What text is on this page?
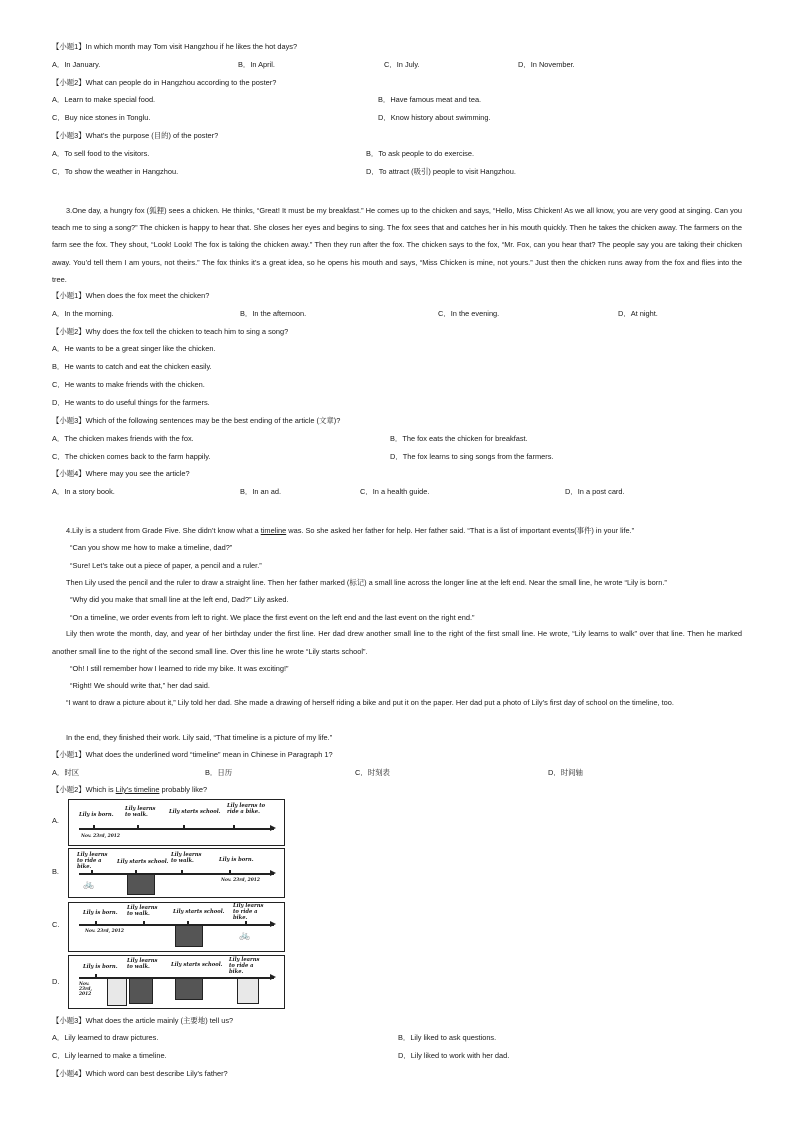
【小题1】In which month may Tom visit Hangzhou if he likes the hot days?
A．In January.	B．In April.	C．In July.	D．In November.
【小题2】What can people do in Hangzhou according to the poster?
A．Learn to make special food.	B．Have famous meat and tea.
C．Buy nice stones in Tonglu.	D．Know history about swimming.
【小题3】What’s the purpose (目的) of the poster?
A．To sell food to the visitors.	B．To ask people to do exercise.
C．To show the weather in Hangzhou.	D．To attract (吸引) people to visit Hangzhou.
3.One day, a hungry fox (狐狸) sees a chicken. He thinks, “Great! It must be my breakfast.” He comes up to the chicken and says, “Hello, Miss Chicken! As we all know, you are very good at singing. Can you teach me to sing a song?” The chicken is happy to hear that. She closes her eyes and begins to sing. The fox sees that and catches her in his mouth quickly. Then he takes the chicken away. The farmers on the farm see the fox. They shout, “Look! Look! The fox is taking the chicken away.” Then they run after the fox. The chicken says to the fox, “Mr. Fox, can you hear that? The people say you are taking their chicken away. You’d tell them I am yours, not theirs.” The fox thinks it’s a great idea, so he opens his mouth and says, “Miss Chicken is mine, not yours.” Just then the chicken runs away from the fox and flies into the tree.
【小题1】When does the fox meet the chicken?
A．In the morning.	B．In the afternoon.	C．In the evening.	D．At night.
【小题2】Why does the fox tell the chicken to teach him to sing a song?
A．He wants to be a great singer like the chicken.
B．He wants to catch and eat the chicken easily.
C．He wants to make friends with the chicken.
D．He wants to do useful things for the farmers.
【小题3】Which of the following sentences may be the best ending of the article (文章)?
A．The chicken makes friends with the fox.	B．The fox eats the chicken for breakfast.
C．The chicken comes back to the farm happily.	D．The fox learns to sing songs from the farmers.
【小题4】Where may you see the article?
A．In a story book.	B．In an ad.	C．In a health guide.	D．In a post card.
4.Lily is a student from Grade Five. She didn’t know what a timeline was. So she asked her father for help. Her father said. “That is a list of important events(事件) in your life.”
“Can you show me how to make a timeline, dad?”
“Sure! Let’s take out a piece of paper, a pencil and a ruler.”
Then Lily used the pencil and the ruler to draw a straight line. Then her father marked (标记) a small line across the longer line at the left end. Near the small line, he wrote “Lily is born.”
“Why did you make that small line at the left end, Dad?” Lily asked.
“On a timeline, we order events from left to right. We place the first event on the left end and the last event on the right end.”
Lily then wrote the month, day, and year of her birthday under the first line. Her dad drew another small line to the right of the first small line. He wrote, “Lily learns to walk” over that line. Then he marked another small line to the right of the second small line. Over this line he wrote “Lily starts school”.
“Oh! I still remember how I learned to ride my bike. It was exciting!”
“Right! We should write that,” her dad said.
“I want to draw a picture about it,” Lily told her dad. She made a drawing of herself riding a bike and put it on the paper. Her dad put a photo of Lily’s first day of school on the timeline, too.
In the end, they finished their work. Lily said, “That timeline is a picture of my life.”
【小题1】What does the underlined word “timeline” mean in Chinese in Paragraph 1?
A．时区	B．日历	C．时刻表	D．时间轴
【小题2】Which is Lily’s timeline probably like?
A.
Lily is born.
Lily learns to walk.	Lily starts school.
Lily learns to ride a bike.
Nov. 23rd, 2012
B.
Lily learns to ride a bike.
Lily starts school.
Lily learns to walk.	Lily is born.
Nov. 23rd, 2012
🚲
C.
Lily is born.
Lily learns to walk.	Lily starts school.
Lily learns to ride a bike.
Nov. 23rd, 2012	🚲
D.
Lily is born.
Lily learns to walk.	Lily starts school.
Lily learns to ride a bike.
Nov. 23rd, 2012
【小题3】What does the article mainly (主要地) tell us?
A．Lily learned to draw pictures.	B．Lily liked to ask questions.
C．Lily learned to make a timeline.	D．Lily liked to work with her dad.
【小题4】Which word can best describe Lily’s father?
